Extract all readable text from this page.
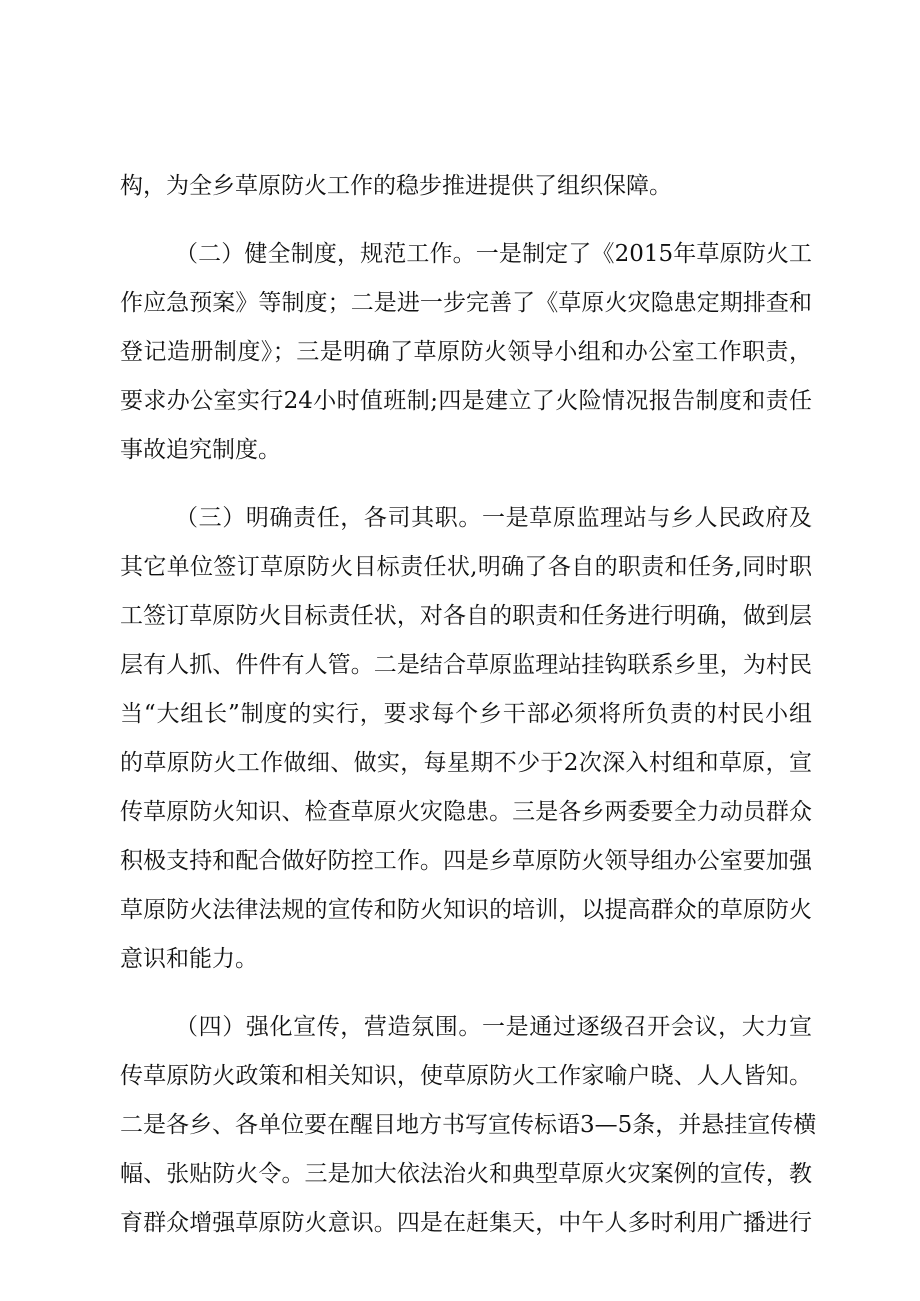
构，为全乡草原防火工作的稳步推进提供了组织保障。
（二）健全制度，规范工作。一是制定了《2015年草原防火工
作应急预案》等制度；二是进一步完善了《草原火灾隐患定期排查和
登记造册制度》；三是明确了草原防火领导小组和办公室工作职责，
要求办公室实行24小时值班制;四是建立了火险情况报告制度和责任
事故追究制度。
（三）明确责任，各司其职。一是草原监理站与乡人民政府及
其它单位签订草原防火目标责任状,明确了各自的职责和任务,同时职
工签订草原防火目标责任状，对各自的职责和任务进行明确，做到层
层有人抓、件件有人管。二是结合草原监理站挂钩联系乡里，为村民
当“大组长”制度的实行，要求每个乡干部必须将所负责的村民小组
的草原防火工作做细、做实，每星期不少于2次深入村组和草原，宣
传草原防火知识、检查草原火灾隐患。三是各乡两委要全力动员群众
积极支持和配合做好防控工作。四是乡草原防火领导组办公室要加强
草原防火法律法规的宣传和防火知识的培训，以提高群众的草原防火
意识和能力。
（四）强化宣传，营造氛围。一是通过逐级召开会议，大力宣
传草原防火政策和相关知识，使草原防火工作家喻户晓、人人皆知。
二是各乡、各单位要在醒目地方书写宣传标语3—5条，并悬挂宣传横
幅、张贴防火令。三是加大依法治火和典型草原火灾案例的宣传，教
育群众增强草原防火意识。四是在赶集天，中午人多时利用广播进行
